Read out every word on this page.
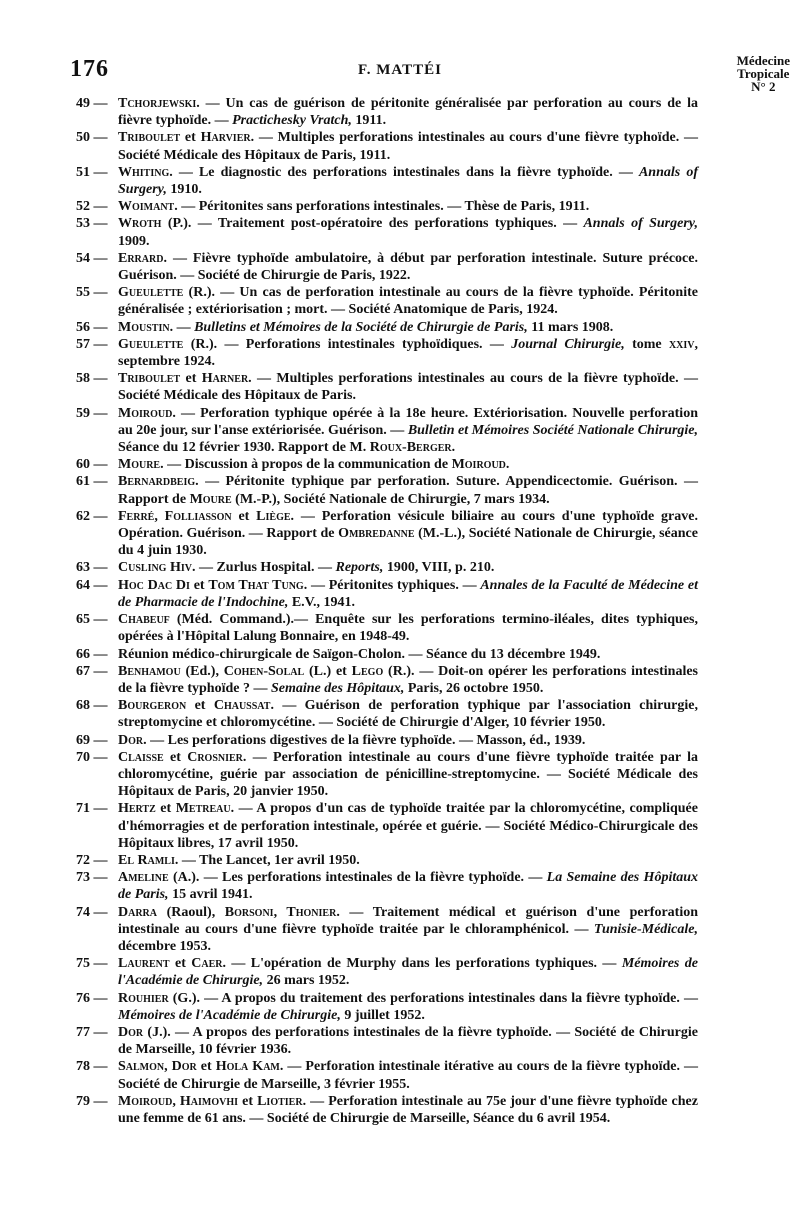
176	F. MATTÉI
Médecine
Tropicale
N° 2
49 — Tchorjewski. — Un cas de guérison de péritonite généralisée par perforation au cours de la fièvre typhoïde. — Practichesky Vratch, 1911.
50 — Triboulet et Harvier. — Multiples perforations intestinales au cours d'une fièvre typhoïde. — Société Médicale des Hôpitaux de Paris, 1911.
51 — Whiting. — Le diagnostic des perforations intestinales dans la fièvre typhoïde. — Annals of Surgery, 1910.
52 — Woimant. — Péritonites sans perforations intestinales. — Thèse de Paris, 1911.
53 — Wroth (P.). — Traitement post-opératoire des perforations typhiques. — Annals of Surgery, 1909.
54 — Errard. — Fièvre typhoïde ambulatoire, à début par perforation intestinale. Suture précoce. Guérison. — Société de Chirurgie de Paris, 1922.
55 — Gueulette (R.). — Un cas de perforation intestinale au cours de la fièvre typhoïde. Péritonite généralisée ; extériorisation ; mort. — Société Anatomique de Paris, 1924.
56 — Moustin. — Bulletins et Mémoires de la Société de Chirurgie de Paris, 11 mars 1908.
57 — Gueulette (R.). — Perforations intestinales typhoïdiques. — Journal Chirurgie, tome xxiv, septembre 1924.
58 — Triboulet et Harner. — Multiples perforations intestinales au cours de la fièvre typhoïde. — Société Médicale des Hôpitaux de Paris.
59 — Moiroud. — Perforation typhique opérée à la 18e heure. Extériorisation. Nouvelle perforation au 20e jour, sur l'anse extériorisée. Guérison. — Bulletin et Mémoires Société Nationale Chirurgie, Séance du 12 février 1930. Rapport de M. Roux-Berger.
60 — Moure. — Discussion à propos de la communication de Moiroud.
61 — Bernardbeig. — Péritonite typhique par perforation. Suture. Appendicectomie. Guérison. — Rapport de Moure (M.-P.), Société Nationale de Chirurgie, 7 mars 1934.
62 — Ferré, Folliasson et Liège. — Perforation vésicule biliaire au cours d'une typhoïde grave. Opération. Guérison. — Rapport de Ombredanne (M.-L.), Société Nationale de Chirurgie, séance du 4 juin 1930.
63 — Cusling Hiv. — Zurlus Hospital. — Reports, 1900, VIII, p. 210.
64 — Hoc Dac Di et Tom That Tung. — Péritonites typhiques. — Annales de la Faculté de Médecine et de Pharmacie de l'Indochine, E.V., 1941.
65 — Chabeuf (Méd. Command.).— Enquête sur les perforations termino-iléales, dites typhiques, opérées à l'Hôpital Lalung Bonnaire, en 1948-49.
66 — Réunion médico-chirurgicale de Saïgon-Cholon. — Séance du 13 décembre 1949.
67 — Benhamou (Ed.), Cohen-Solal (L.) et Lego (R.). — Doit-on opérer les perforations intestinales de la fièvre typhoïde ? — Semaine des Hôpitaux, Paris, 26 octobre 1950.
68 — Bourgeron et Chaussat. — Guérison de perforation typhique par l'association chirurgie, streptomycine et chloromycétine. — Société de Chirurgie d'Alger, 10 février 1950.
69 — Dor. — Les perforations digestives de la fièvre typhoïde. — Masson, éd., 1939.
70 — Claisse et Crosnier. — Perforation intestinale au cours d'une fièvre typhoïde traitée par la chloromycétine, guérie par association de pénicilline-streptomycine. — Société Médicale des Hôpitaux de Paris, 20 janvier 1950.
71 — Hertz et Metreau. — A propos d'un cas de typhoïde traitée par la chloromycétine, compliquée d'hémorragies et de perforation intestinale, opérée et guérie. — Société Médico-Chirurgicale des Hôpitaux libres, 17 avril 1950.
72 — El Ramli. — The Lancet, 1er avril 1950.
73 — Ameline (A.). — Les perforations intestinales de la fièvre typhoïde. — La Semaine des Hôpitaux de Paris, 15 avril 1941.
74 — Darra (Raoul), Borsoni, Thonier. — Traitement médical et guérison d'une perforation intestinale au cours d'une fièvre typhoïde traitée par le chloramphénicol. — Tunisie-Médicale, décembre 1953.
75 — Laurent et Caer. — L'opération de Murphy dans les perforations typhiques. — Mémoires de l'Académie de Chirurgie, 26 mars 1952.
76 — Rouhier (G.). — A propos du traitement des perforations intestinales dans la fièvre typhoïde. — Mémoires de l'Académie de Chirurgie, 9 juillet 1952.
77 — Dor (J.). — A propos des perforations intestinales de la fièvre typhoïde. — Société de Chirurgie de Marseille, 10 février 1936.
78 — Salmon, Dor et Hola Kam. — Perforation intestinale itérative au cours de la fièvre typhoïde. — Société de Chirurgie de Marseille, 3 février 1955.
79 — Moiroud, Haimovhi et Liotier. — Perforation intestinale au 75e jour d'une fièvre typhoïde chez une femme de 61 ans. — Société de Chirurgie de Marseille, Séance du 6 avril 1954.
